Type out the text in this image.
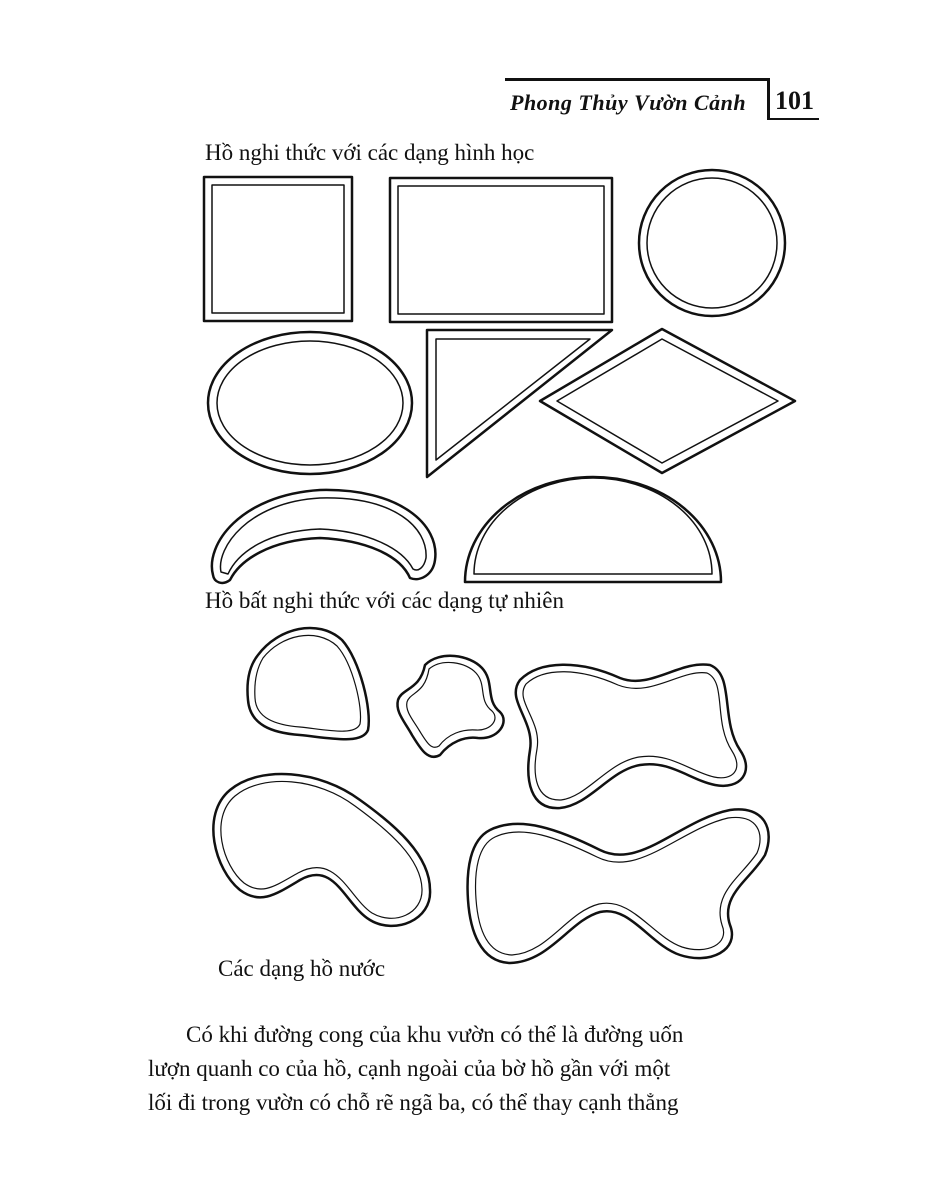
Phong Thủy Vườn Cảnh 101
Hồ nghi thức với các dạng hình học
Hồ bất nghi thức với các dạng tự nhiên
Các dạng hồ nước
Có khi đường cong của khu vườn có thể là đường uốn
lượn quanh co của hồ, cạnh ngoài của bờ hồ gần với một
lối đi trong vườn có chỗ rẽ ngã ba, có thể thay cạnh thẳng
